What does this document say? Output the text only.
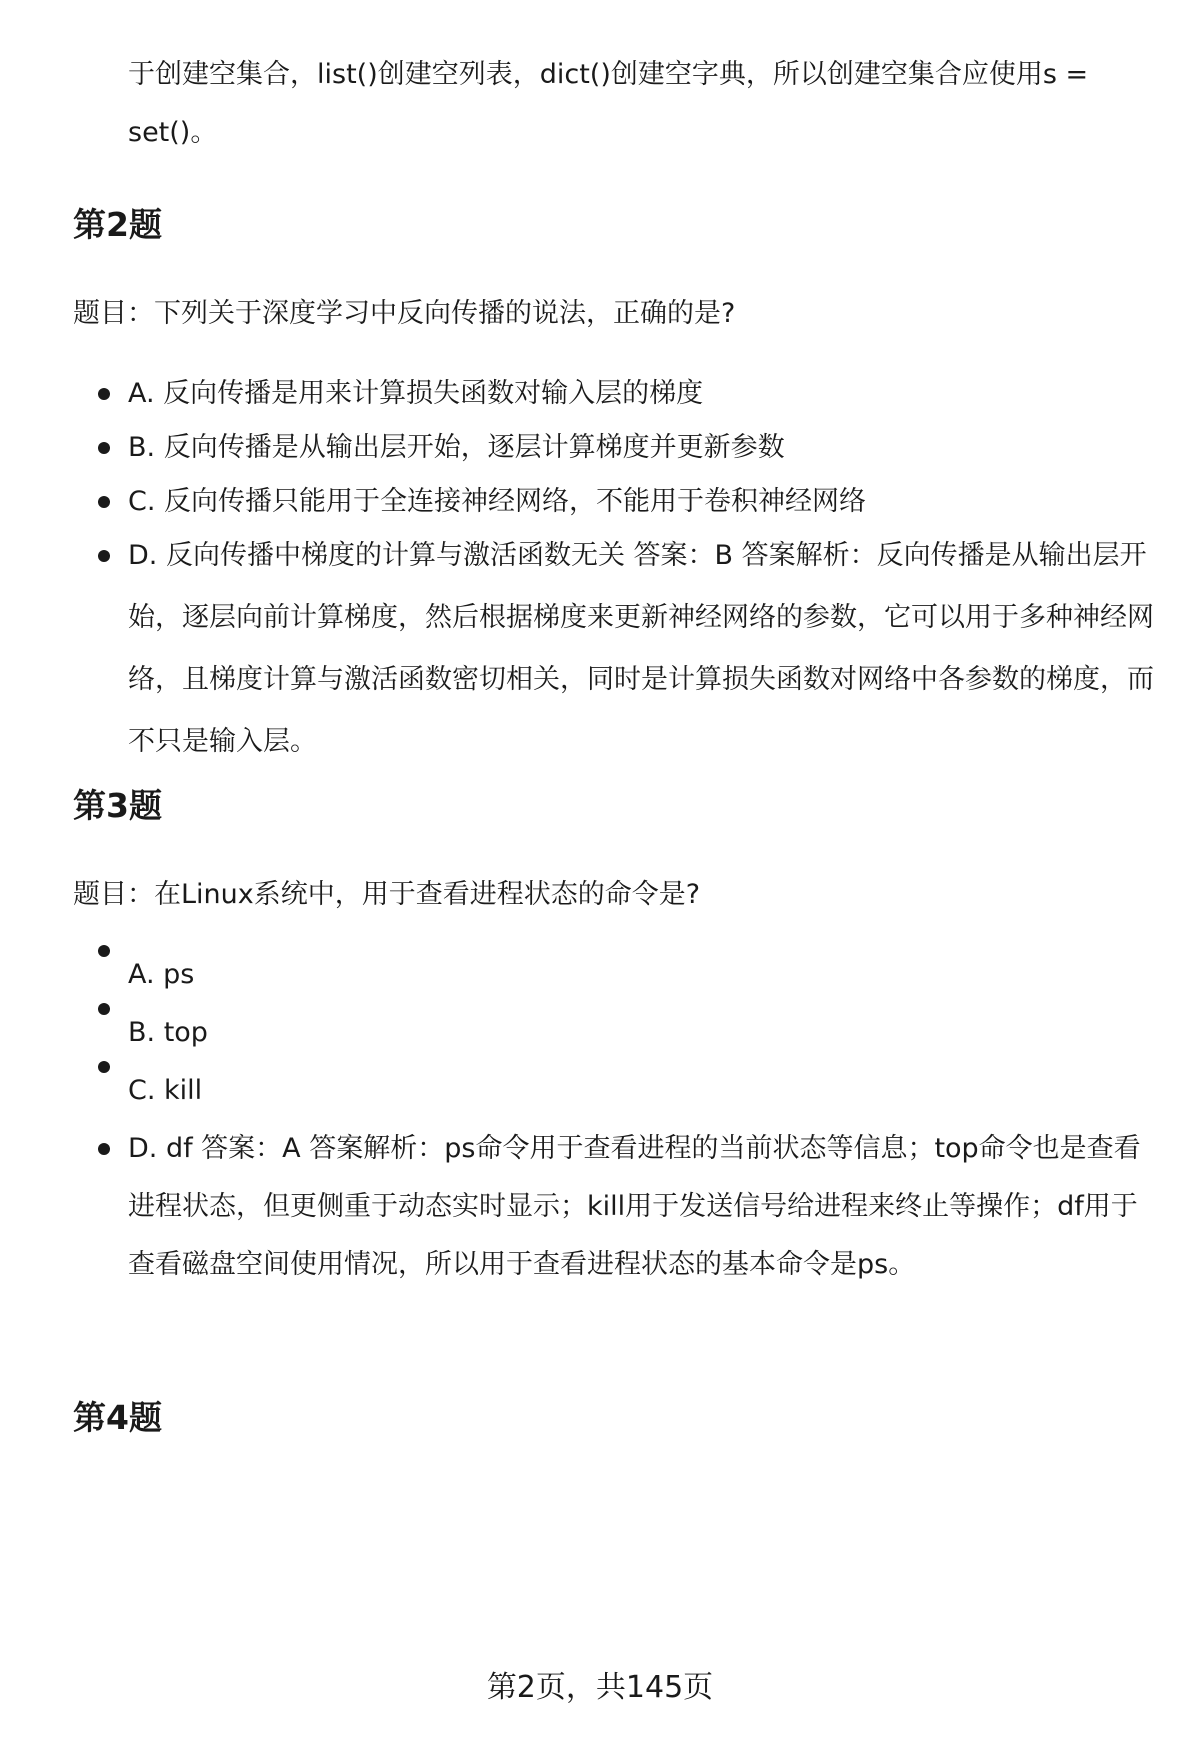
于创建空集合，list()创建空列表，dict()创建空字典，所以创建空集合应使用s =
set()。
第2题
题目：下列关于深度学习中反向传播的说法，正确的是?
A. 反向传播是用来计算损失函数对输入层的梯度
B. 反向传播是从输出层开始，逐层计算梯度并更新参数
C. 反向传播只能用于全连接神经网络，不能用于卷积神经网络
D. 反向传播中梯度的计算与激活函数无关 答案：B 答案解析：反向传播是从输出层开始，逐层向前计算梯度，然后根据梯度来更新神经网络的参数，它可以用于多种神经网络，且梯度计算与激活函数密切相关，同时是计算损失函数对网络中各参数的梯度，而不只是输入层。
第3题
题目：在Linux系统中，用于查看进程状态的命令是?
A. ps
B. top
C. kill
D. df 答案：A 答案解析：ps命令用于查看进程的当前状态等信息；top命令也是查看进程状态，但更侧重于动态实时显示；kill用于发送信号给进程来终止等操作；df用于查看磁盘空间使用情况，所以用于查看进程状态的基本命令是ps。
第4题
第2页，共145页
